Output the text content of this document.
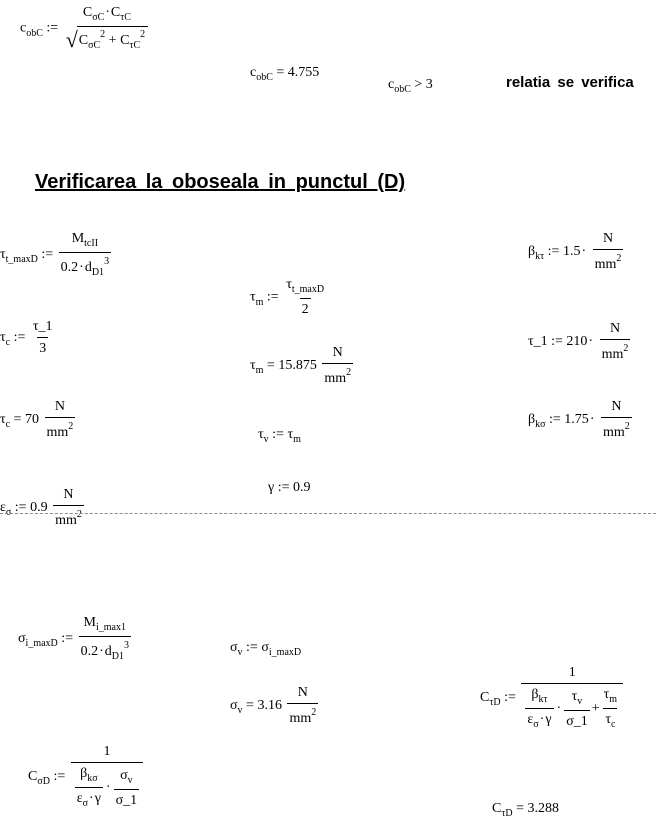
$c_{obC}$ :=
$C_{\sigma C}\cdot C_{\tau C}$
√ $C_{\sigma C}^2 + C_{\tau C}^2$
$c_{obC} = 4.755$
$c_{obC} > 3$	relatia se verifica
Verificarea la oboseala in punctul (D)
$\tau_{t\_maxD}$ := $\frac{M_{tcII}}{0.2\cdot d_{D1}^3}$
$\tau_c$ := $\frac{\tau\_1}{3}$
$\tau_c = 70 \frac{N}{mm^2}$
$\varepsilon_\sigma$ := $0.9 \frac{N}{mm^2}$
$\tau_m$ := $\frac{\tau_{t\_maxD}}{2}$
$\tau_m = 15.875 \frac{N}{mm^2}$
$\tau_v$ := $\tau_m$
γ := 0.9
$\beta_{k\tau}$ := $1.5\cdot \frac{N}{mm^2}$
τ_1 := $210\cdot \frac{N}{mm^2}$
$\beta_{k\sigma}$ := $1.75\cdot \frac{N}{mm^2}$
$\sigma_{i\_maxD}$ := $\frac{M_{i\_max1}}{0.2\cdot d_{D1}^3}$	$\sigma_v$ := $\sigma_{i\_maxD}$
$\sigma_v = 3.16 \frac{N}{mm^2}$	$C_{\tau D}$ := $\frac{1}{\frac{\beta_{k\tau}}{\varepsilon_\sigma\cdot\gamma} \cdot \frac{\tau_v}{\sigma\_1} + \frac{\tau_m}{\tau_c}}$
$C_{\tau D} = 3.288$
$C_{\sigma D}$ := $\frac{1}{\frac{\beta_{k\sigma}}{\varepsilon_\sigma\cdot\gamma} \cdot \frac{\sigma_v}{\sigma\_1}}$
